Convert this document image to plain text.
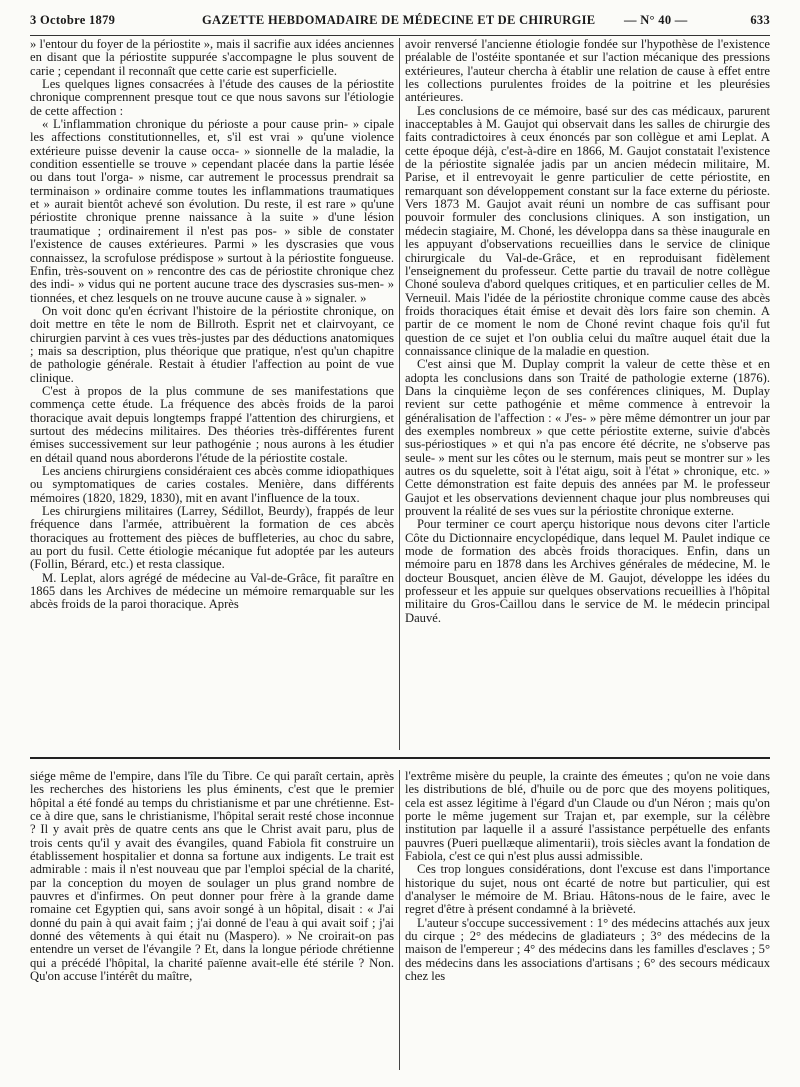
3 Octobre 1879	GAZETTE HEBDOMADAIRE DE MÉDECINE ET DE CHIRURGIE — N° 40 —	633

» l'entour du foyer de la périostite », mais il sacrifie aux idées anciennes en disant que la périostite suppurée s'accompagne le plus souvent de carie ; cependant il reconnaît que cette carie est superficielle.

Les quelques lignes consacrées à l'étude des causes de la périostite chronique comprennent presque tout ce que nous savons sur l'étiologie de cette affection :

« L'inflammation chronique du périoste a pour cause prin- » cipale les affections constitutionnelles, et, s'il est vrai » qu'une violence extérieure puisse devenir la cause occa- » sionnelle de la maladie, la condition essentielle se trouve » cependant placée dans la partie lésée ou dans tout l'orga- » nisme, car autrement le processus prendrait sa terminaison » ordinaire comme toutes les inflammations traumatiques et » aurait bientôt achevé son évolution. Du reste, il est rare » qu'une périostite chronique prenne naissance à la suite » d'une lésion traumatique ; ordinairement il n'est pas pos- » sible de constater l'existence de causes extérieures. Parmi » les dyscrasies que vous connaissez, la scrofulose prédispose » surtout à la périostite fongueuse. Enfin, très-souvent on » rencontre des cas de périostite chronique chez des indi- » vidus qui ne portent aucune trace des dyscrasies sus-men- » tionnées, et chez lesquels on ne trouve aucune cause à » signaler. »

On voit donc qu'en écrivant l'histoire de la périostite chronique, on doit mettre en tête le nom de Billroth. Esprit net et clairvoyant, ce chirurgien parvint à ces vues très-justes par des déductions anatomiques ; mais sa description, plus théorique que pratique, n'est qu'un chapitre de pathologie générale. Restait à étudier l'affection au point de vue clinique.

C'est à propos de la plus commune de ses manifestations que commença cette étude. La fréquence des abcès froids de la paroi thoracique avait depuis longtemps frappé l'attention des chirurgiens, et surtout des médecins militaires. Des théories très-différentes furent émises successivement sur leur pathogénie ; nous aurons à les étudier en détail quand nous aborderons l'étude de la périostite costale.

Les anciens chirurgiens considéraient ces abcès comme idiopathiques ou symptomatiques de caries costales. Menière, dans différents mémoires (1820, 1829, 1830), mit en avant l'influence de la toux.

Les chirurgiens militaires (Larrey, Sédillot, Beurdy), frappés de leur fréquence dans l'armée, attribuèrent la formation de ces abcès thoraciques au frottement des pièces de buffleteries, au choc du sabre, au port du fusil. Cette étiologie mécanique fut adoptée par les auteurs (Follin, Bérard, etc.) et resta classique.

M. Leplat, alors agrégé de médecine au Val-de-Grâce, fit paraître en 1865 dans les Archives de médecine un mémoire remarquable sur les abcès froids de la paroi thoracique. Après

avoir renversé l'ancienne étiologie fondée sur l'hypothèse de l'existence préalable de l'ostéite spontanée et sur l'action mécanique des pressions extérieures, l'auteur chercha à établir une relation de cause à effet entre les collections purulentes froides de la poitrine et les pleurésies antérieures.

Les conclusions de ce mémoire, basé sur des cas médicaux, parurent inacceptables à M. Gaujot qui observait dans les salles de chirurgie des faits contradictoires à ceux énoncés par son collègue et ami Leplat. A cette époque déjà, c'est-à-dire en 1866, M. Gaujot constatait l'existence de la périostite signalée jadis par un ancien médecin militaire, M. Parise, et il entrevoyait le genre particulier de cette périostite, en remarquant son développement constant sur la face externe du périoste. Vers 1873 M. Gaujot avait réuni un nombre de cas suffisant pour pouvoir formuler des conclusions cliniques. A son instigation, un médecin stagiaire, M. Choné, les développa dans sa thèse inaugurale en les appuyant d'observations recueillies dans le service de clinique chirurgicale du Val-de-Grâce, et en reproduisant fidèlement l'enseignement du professeur. Cette partie du travail de notre collègue Choné souleva d'abord quelques critiques, et en particulier celles de M. Verneuil. Mais l'idée de la périostite chronique comme cause des abcès froids thoraciques était émise et devait dès lors faire son chemin. A partir de ce moment le nom de Choné revint chaque fois qu'il fut question de ce sujet et l'on oublia celui du maître auquel était due la connaissance clinique de la maladie en question.

C'est ainsi que M. Duplay comprit la valeur de cette thèse et en adopta les conclusions dans son Traité de pathologie externe (1876). Dans la cinquième leçon de ses conférences cliniques, M. Duplay revient sur cette pathogénie et même commence à entrevoir la généralisation de l'affection : « J'es- » père même démontrer un jour par des exemples nombreux » que cette périostite externe, suivie d'abcès sus-périostiques » et qui n'a pas encore été décrite, ne s'observe pas seule- » ment sur les côtes ou le sternum, mais peut se montrer sur » les autres os du squelette, soit à l'état aigu, soit à l'état » chronique, etc. » Cette démonstration est faite depuis des années par M. le professeur Gaujot et les observations deviennent chaque jour plus nombreuses qui prouvent la réalité de ses vues sur la périostite chronique externe.

Pour terminer ce court aperçu historique nous devons citer l'article Côte du Dictionnaire encyclopédique, dans lequel M. Paulet indique ce mode de formation des abcès froids thoraciques. Enfin, dans un mémoire paru en 1878 dans les Archives générales de médecine, M. le docteur Bousquet, ancien élève de M. Gaujot, développe les idées du professeur et les appuie sur quelques observations recueillies à l'hôpital militaire du Gros-Caillou dans le service de M. le médecin principal Dauvé.

siége même de l'empire, dans l'île du Tibre. Ce qui paraît certain, après les recherches des historiens les plus éminents, c'est que le premier hôpital a été fondé au temps du christianisme et par une chrétienne. Est-ce à dire que, sans le christianisme, l'hôpital serait resté chose inconnue ? Il y avait près de quatre cents ans que le Christ avait paru, plus de trois cents qu'il y avait des évangiles, quand Fabiola fit construire un établissement hospitalier et donna sa fortune aux indigents. Le trait est admirable : mais il n'est nouveau que par l'emploi spécial de la charité, par la conception du moyen de soulager un plus grand nombre de pauvres et d'infirmes. On peut donner pour frère à la grande dame romaine cet Egyptien qui, sans avoir songé à un hôpital, disait : « J'ai donné du pain à qui avait faim ; j'ai donné de l'eau à qui avait soif ; j'ai donné des vêtements à qui était nu (Maspero). » Ne croirait-on pas entendre un verset de l'évangile ? Et, dans la longue période chrétienne qui a précédé l'hôpital, la charité païenne avait-elle été stérile ? Non. Qu'on accuse l'intérêt du maître,

l'extrême misère du peuple, la crainte des émeutes ; qu'on ne voie dans les distributions de blé, d'huile ou de porc que des moyens politiques, cela est assez légitime à l'égard d'un Claude ou d'un Néron ; mais qu'on porte le même jugement sur Trajan et, par exemple, sur la célèbre institution par laquelle il a assuré l'assistance perpétuelle des enfants pauvres (Pueri puellæque alimentarii), trois siècles avant la fondation de Fabiola, c'est ce qui n'est plus aussi admissible.

Ces trop longues considérations, dont l'excuse est dans l'importance historique du sujet, nous ont écarté de notre but particulier, qui est d'analyser le mémoire de M. Briau. Hâtons-nous de le faire, avec le regret d'être à présent condamné à la brièveté.

L'auteur s'occupe successivement : 1° des médecins attachés aux jeux du cirque ; 2° des médecins de gladiateurs ; 3° des médecins de la maison de l'empereur ; 4° des médecins dans les familles d'esclaves ; 5° des médecins dans les associations d'artisans ; 6° des secours médicaux chez les
